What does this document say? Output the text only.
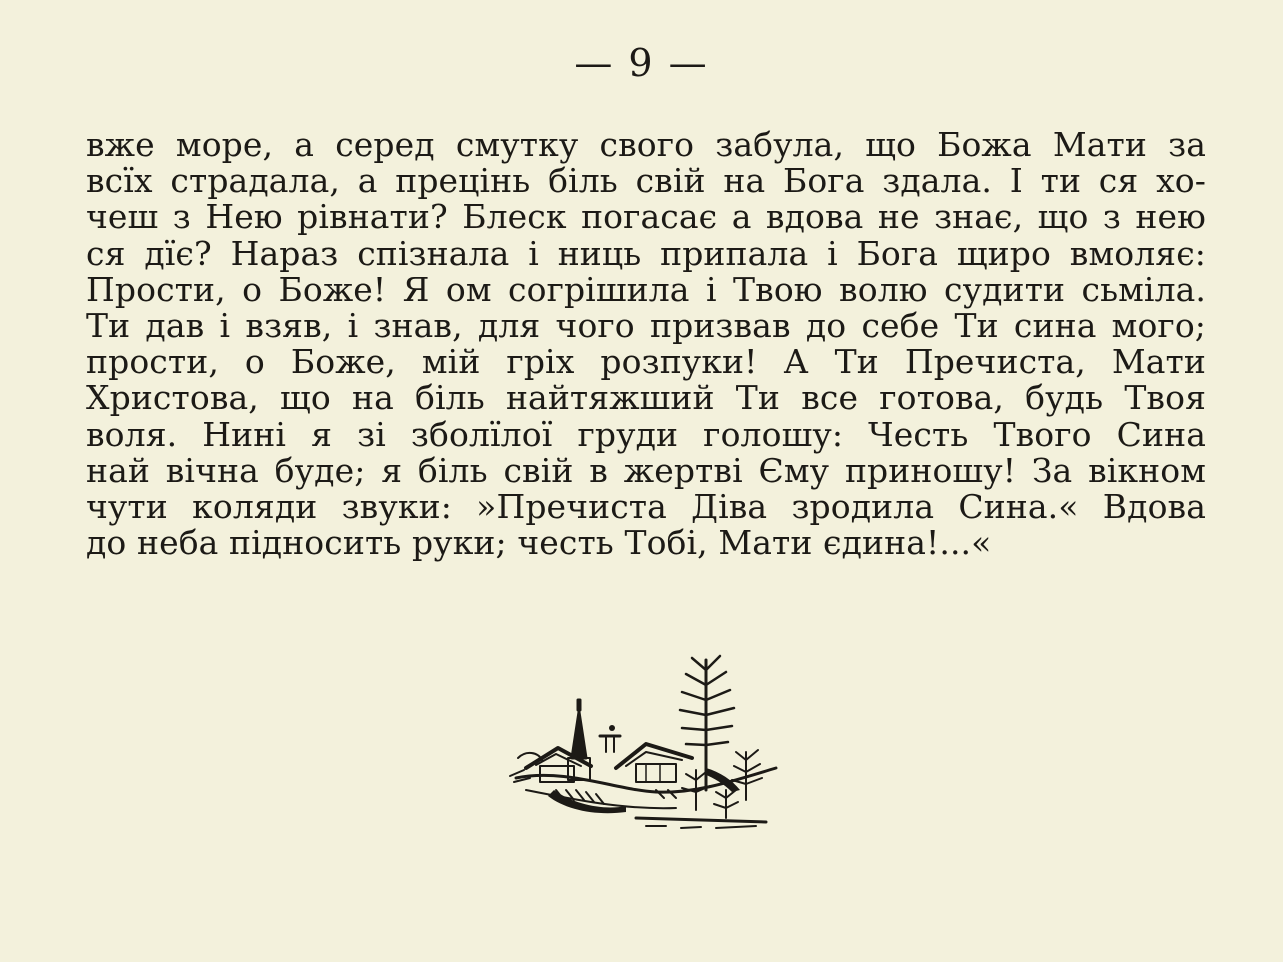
— 9 —
вже море, а серед смутку свого забула, що Божа Мати за
всїх страдала, а прецінь біль свій на Бога здала. І ти ся хо-
чеш з Нею рівнати? Блеск погасає а вдова не знає, що з нею
ся дїє? Нараз спізнала і ниць припала і Бога щиро вмоляє:
Прости, о Боже! Я ом согрішила і Твою волю судити сьміла.
Ти дав і взяв, і знав, для чого призвав до себе Ти сина мого;
прости, о Боже, мій гріх розпуки! А Ти Пречиста, Мати
Христова, що на біль найтяжший Ти все готова, будь Твоя
воля. Нині я зі зболїлої груди голошу: Честь Твого Сина
най вічна буде; я біль свій в жертві Єму приношу! За вікном
чути коляди звуки: »Пречиста Діва зродила Сина.« Вдова
до неба підносить руки; честь Тобі, Мати єдина!...«
